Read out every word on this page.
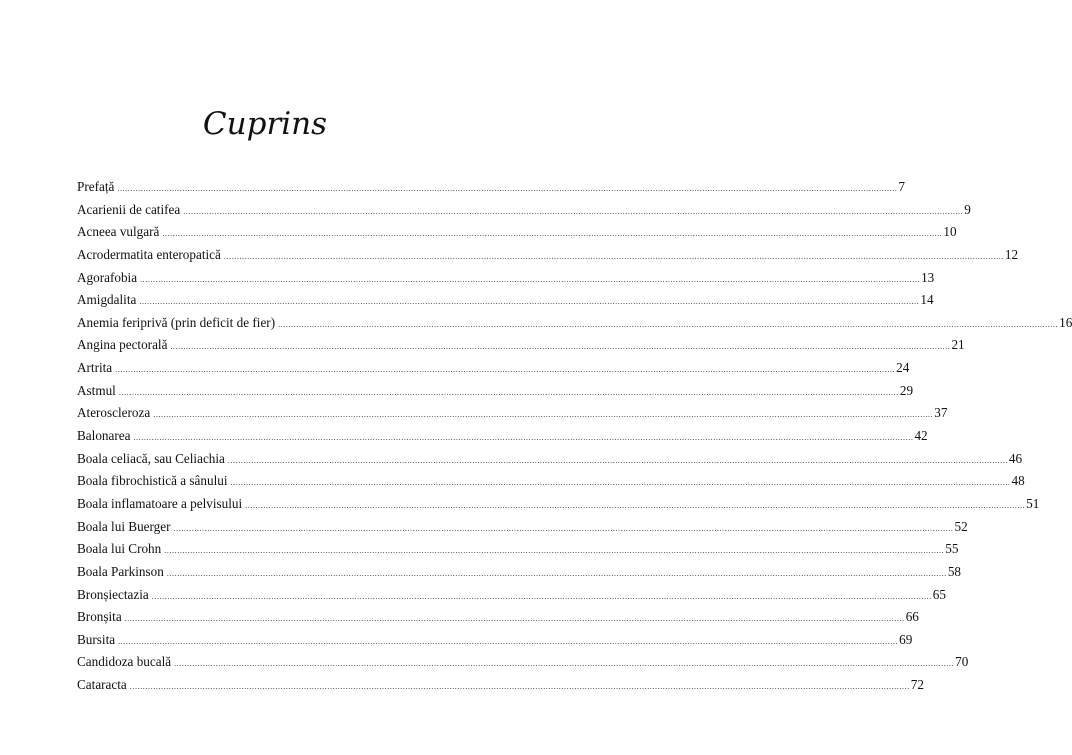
Cuprins
Prefață ............................................................................................................................................................................................................................................................................................................ 7
Acarienii de catifea ............................................................................................................................................................................................................................................................................................................ 9
Acneea vulgară ............................................................................................................................................................................................................................................................................................................ 10
Acrodermatita enteropatică ............................................................................................................................................................................................................................................................................................................ 12
Agorafobia ............................................................................................................................................................................................................................................................................................................ 13
Amigdalita ............................................................................................................................................................................................................................................................................................................ 14
Anemia feriprivă (prin deficit de fier) ............................................................................................................................................................................................................................................................................................................ 16
Angina pectorală ............................................................................................................................................................................................................................................................................................................ 21
Artrita ............................................................................................................................................................................................................................................................................................................ 24
Astmul ............................................................................................................................................................................................................................................................................................................ 29
Ateroscleroza ............................................................................................................................................................................................................................................................................................................ 37
Balonarea ............................................................................................................................................................................................................................................................................................................ 42
Boala celiacă, sau Celiachia ............................................................................................................................................................................................................................................................................................................ 46
Boala fibrochistică a sânului ............................................................................................................................................................................................................................................................................................................ 48
Boala inflamatoare a pelvisului ............................................................................................................................................................................................................................................................................................................ 51
Boala lui Buerger ............................................................................................................................................................................................................................................................................................................ 52
Boala lui Crohn ............................................................................................................................................................................................................................................................................................................ 55
Boala Parkinson ............................................................................................................................................................................................................................................................................................................ 58
Bronșiectazia ............................................................................................................................................................................................................................................................................................................ 65
Bronșita ............................................................................................................................................................................................................................................................................................................ 66
Bursita ............................................................................................................................................................................................................................................................................................................ 69
Candidoza bucală ............................................................................................................................................................................................................................................................................................................ 70
Cataracta ............................................................................................................................................................................................................................................................................................................ 72
